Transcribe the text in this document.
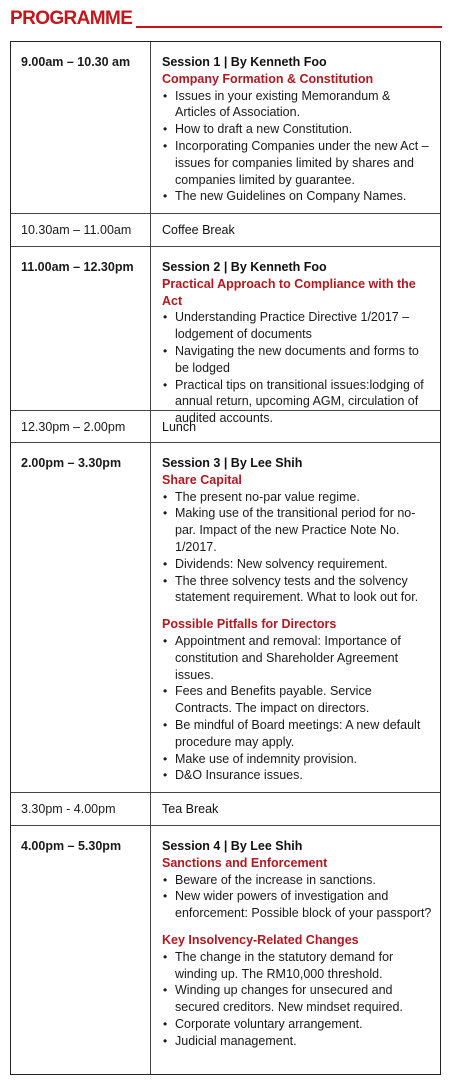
PROGRAMME
9.00am – 10.30 am	Session 1 | By Kenneth Foo
Company Formation & Constitution
• Issues in your existing Memorandum & Articles of Association.
• How to draft a new Constitution.
• Incorporating Companies under the new Act – issues for companies limited by shares and companies limited by guarantee.
• The new Guidelines on Company Names.
10.30am – 11.00am	Coffee Break
11.00am – 12.30pm	Session 2 | By Kenneth Foo
Practical Approach to Compliance with the Act
• Understanding Practice Directive 1/2017 – lodgement of documents
• Navigating the new documents and forms to be lodged
• Practical tips on transitional issues:lodging of annual return, upcoming AGM, circulation of audited accounts.
12.30pm – 2.00pm	Lunch
2.00pm – 3.30pm	Session 3 | By Lee Shih
Share Capital
• The present no-par value regime.
• Making use of the transitional period for no-par. Impact of the new Practice Note No. 1/2017.
• Dividends: New solvency requirement.
• The three solvency tests and the solvency statement requirement. What to look out for.
Possible Pitfalls for Directors
• Appointment and removal: Importance of constitution and Shareholder Agreement issues.
• Fees and Benefits payable. Service Contracts. The impact on directors.
• Be mindful of Board meetings: A new default procedure may apply.
• Make use of indemnity provision.
• D&O Insurance issues.
3.30pm - 4.00pm	Tea Break
4.00pm – 5.30pm	Session 4 | By Lee Shih
Sanctions and Enforcement
• Beware of the increase in sanctions.
• New wider powers of investigation and enforcement: Possible block of your passport?
Key Insolvency-Related Changes
• The change in the statutory demand for winding up. The RM10,000 threshold.
• Winding up changes for unsecured and secured creditors. New mindset required.
• Corporate voluntary arrangement.
• Judicial management.
